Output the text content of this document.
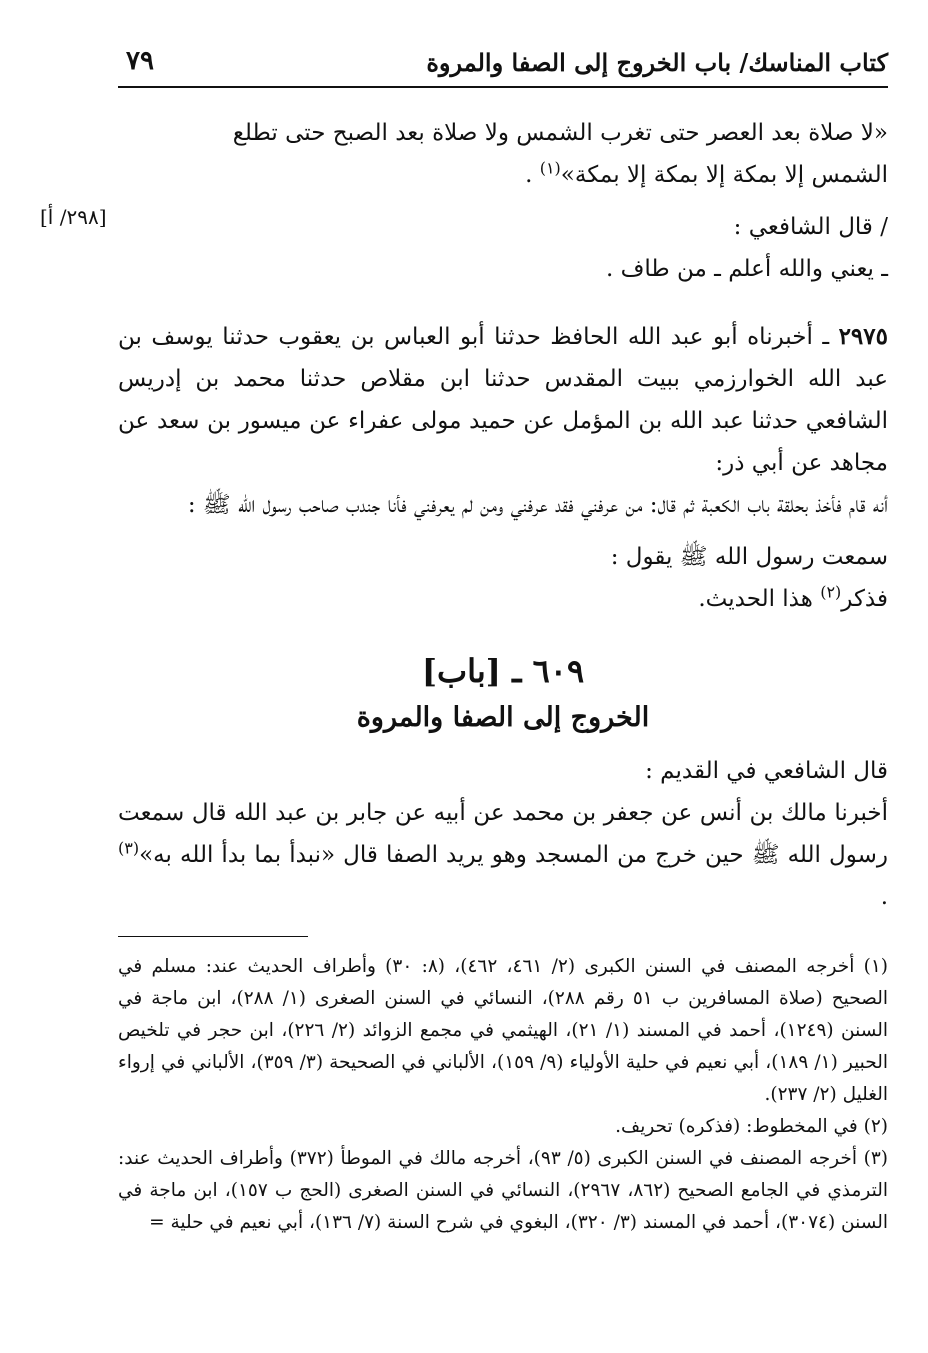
كتاب المناسك/ باب الخروج إلى الصفا والمروة
٧٩
[٢٩٨/ أ]

«لا صلاة بعد العصر حتى تغرب الشمس ولا صلاة بعد الصبح حتى تطلع
الشمس إلا بمكة إلا بمكة إلا بمكة»$^{(١)}$ .

/ قال الشافعي :
ـ يعني والله أعلم ـ من طاف .

٢٩٧٥ ـ أخبرناه أبو عبد الله الحافظ حدثنا أبو العباس بن يعقوب حدثنا يوسف بن عبد الله الخوارزمي ببيت المقدس حدثنا ابن مقلاص حدثنا محمد بن إدريس الشافعي حدثنا عبد الله بن المؤمل عن حميد مولى عفراء عن ميسور بن سعد عن مجاهد عن أبي ذر:

أنه قام فأخذ بحلقة باب الكعبة ثم قال: من عرفني فقد عرفني ومن لم يعرفني فأنا جندب صاحب رسول الله ﷺ :

سمعت رسول الله ﷺ يقول :
فذكر$^{(٢)}$ هذا الحديث.

٦٠٩ ـ [باب]

الخروج إلى الصفا والمروة

قال الشافعي في القديم :

أخبرنا مالك بن أنس عن جعفر بن محمد عن أبيه عن جابر بن عبد الله قال سمعت رسول الله ﷺ حين خرج من المسجد وهو يريد الصفا قال «نبدأ بما بدأ الله به»$^{(٣)}$ .

(١) أخرجه المصنف في السنن الكبرى (٢/ ٤٦١، ٤٦٢)، (٨: ٣٠) وأطراف الحديث عند: مسلم في الصحيح (صلاة المسافرين ب ٥١ رقم ٢٨٨)، النسائي في السنن الصغرى (١/ ٢٨٨)، ابن ماجة في السنن (١٢٤٩)، أحمد في المسند (١/ ٢١)، الهيثمي في مجمع الزوائد (٢/ ٢٢٦)، ابن حجر في تلخيص الحبير (١/ ١٨٩)، أبي نعيم في حلية الأولياء (٩/ ١٥٩)، الألباني في الصحيحة (٣/ ٣٥٩)، الألباني في إرواء الغليل (٢/ ٢٣٧).

(٢) في المخطوط: (فذكره) تحريف.

(٣) أخرجه المصنف في السنن الكبرى (٥/ ٩٣)، أخرجه مالك في الموطأ (٣٧٢) وأطراف الحديث عند: الترمذي في الجامع الصحيح (٨٦٢، ٢٩٦٧)، النسائي في السنن الصغرى (الحج ب ١٥٧)، ابن ماجة في السنن (٣٠٧٤)، أحمد في المسند (٣/ ٣٢٠)، البغوي في شرح السنة (٧/ ١٣٦)، أبي نعيم في حلية =
